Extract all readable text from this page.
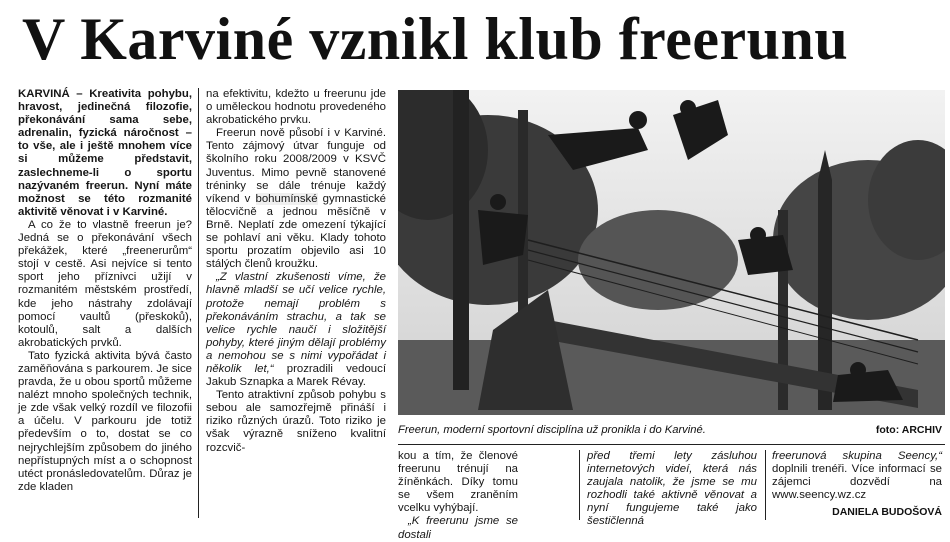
V Karviné vznikl klub freerunu

KARVINÁ – Kreativita pohybu, hravost, jedinečná filozofie, překonávání sama sebe, adrenalin, fyzická náročnost – to vše, ale i ještě mnohem více si můžeme představit, zaslechneme-li o sportu nazývaném freerun. Nyní máte možnost se této rozmanité aktivitě věnovat i v Karviné.

A co že to vlastně freerun je? Jedná se o překonávání všech překážek, které „freenerurům“ stojí v cestě. Asi nejvíce si tento sport jeho příznivci užijí v rozmanitém městském prostředí, kde jeho nástrahy zdolávají pomocí vaultů (přeskoků), kotoulů, salt a dalších akrobatických prvků.

Tato fyzická aktivita bývá často zaměňována s parkourem. Je sice pravda, že u obou sportů můžeme nalézt mnoho společných technik, je zde však velký rozdíl ve filozofii a účelu. V parkouru jde totiž především o to, dostat se co nejrychlejším způsobem do jiného nepřístupných míst a o schopnost utéct pronásledovatelům. Důraz je zde kladen

na efektivitu, kdežto u freerunu jde o uměleckou hodnotu provedeného akrobatického prvku.

Freerun nově působí i v Karviné. Tento zájmový útvar funguje od školního roku 2008/2009 v KSVČ Juventus. Mimo pevně stanovené tréninky se dále trénuje každý víkend v bohumínské gymnastické tělocvičně a jednou měsíčně v Brně. Neplatí zde omezení týkající se pohlaví ani věku. Klady tohoto sportu prozatím objevilo asi 10 stálých členů kroužku.

„Z vlastní zkušenosti víme, že hlavně mladší se učí velice rychle, protože nemají problém s překonáváním strachu, a tak se velice rychle naučí i složitější pohyby, které jiným dělají problémy a nemohou se s nimi vypořádat i několik let,“ prozradili vedoucí Jakub Sznapka a Marek Révay.

Tento atraktivní způsob pohybu s sebou ale samozřejmě přináší i riziko různých úrazů. Toto riziko je však výrazně sníženo kvalitní rozcvič-

Freerun, moderní sportovní disciplína už pronikla i do Karviné.	foto: ARCHIV

kou a tím, že členové freerunu trénují na žíněnkách. Díky tomu se všem zraněním vcelku vyhýbají.

„K freerunu jsme se dostali

před třemi lety zásluhou internetových videí, která nás zaujala natolik, že jsme se mu rozhodli také aktivně věnovat a nyní fungujeme také jako šestičlenná

freerunová skupina Seency,“ doplnili trenéři. Více informací se zájemci dozvědí na www.seency.wz.cz

DANIELA BUDOŠOVÁ
